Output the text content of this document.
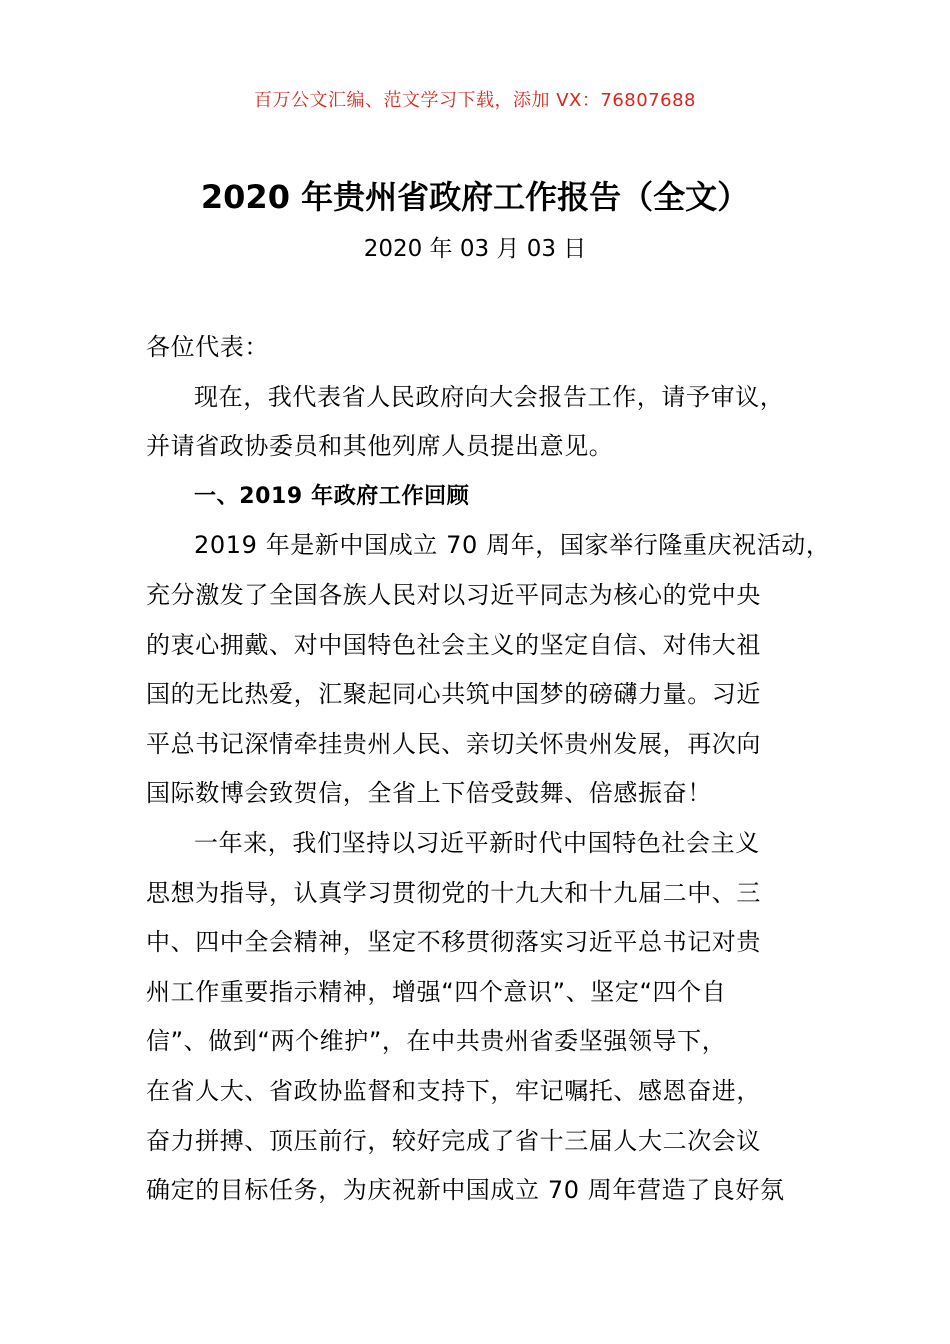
百万公文汇编、范文学习下载，添加 VX：76807688
2020 年贵州省政府工作报告（全文）
2020 年 03 月 03 日
各位代表：
现在，我代表省人民政府向大会报告工作，请予审议，
并请省政协委员和其他列席人员提出意见。
一、2019 年政府工作回顾
2019 年是新中国成立 70 周年，国家举行隆重庆祝活动，
充分激发了全国各族人民对以习近平同志为核心的党中央
的衷心拥戴、对中国特色社会主义的坚定自信、对伟大祖
国的无比热爱，汇聚起同心共筑中国梦的磅礴力量。习近
平总书记深情牵挂贵州人民、亲切关怀贵州发展，再次向
国际数博会致贺信，全省上下倍受鼓舞、倍感振奋！
一年来，我们坚持以习近平新时代中国特色社会主义
思想为指导，认真学习贯彻党的十九大和十九届二中、三
中、四中全会精神，坚定不移贯彻落实习近平总书记对贵
州工作重要指示精神，增强“四个意识”、坚定“四个自
信”、做到“两个维护”，在中共贵州省委坚强领导下，
在省人大、省政协监督和支持下，牢记嘱托、感恩奋进，
奋力拼搏、顶压前行，较好完成了省十三届人大二次会议
确定的目标任务，为庆祝新中国成立 70 周年营造了良好氛
